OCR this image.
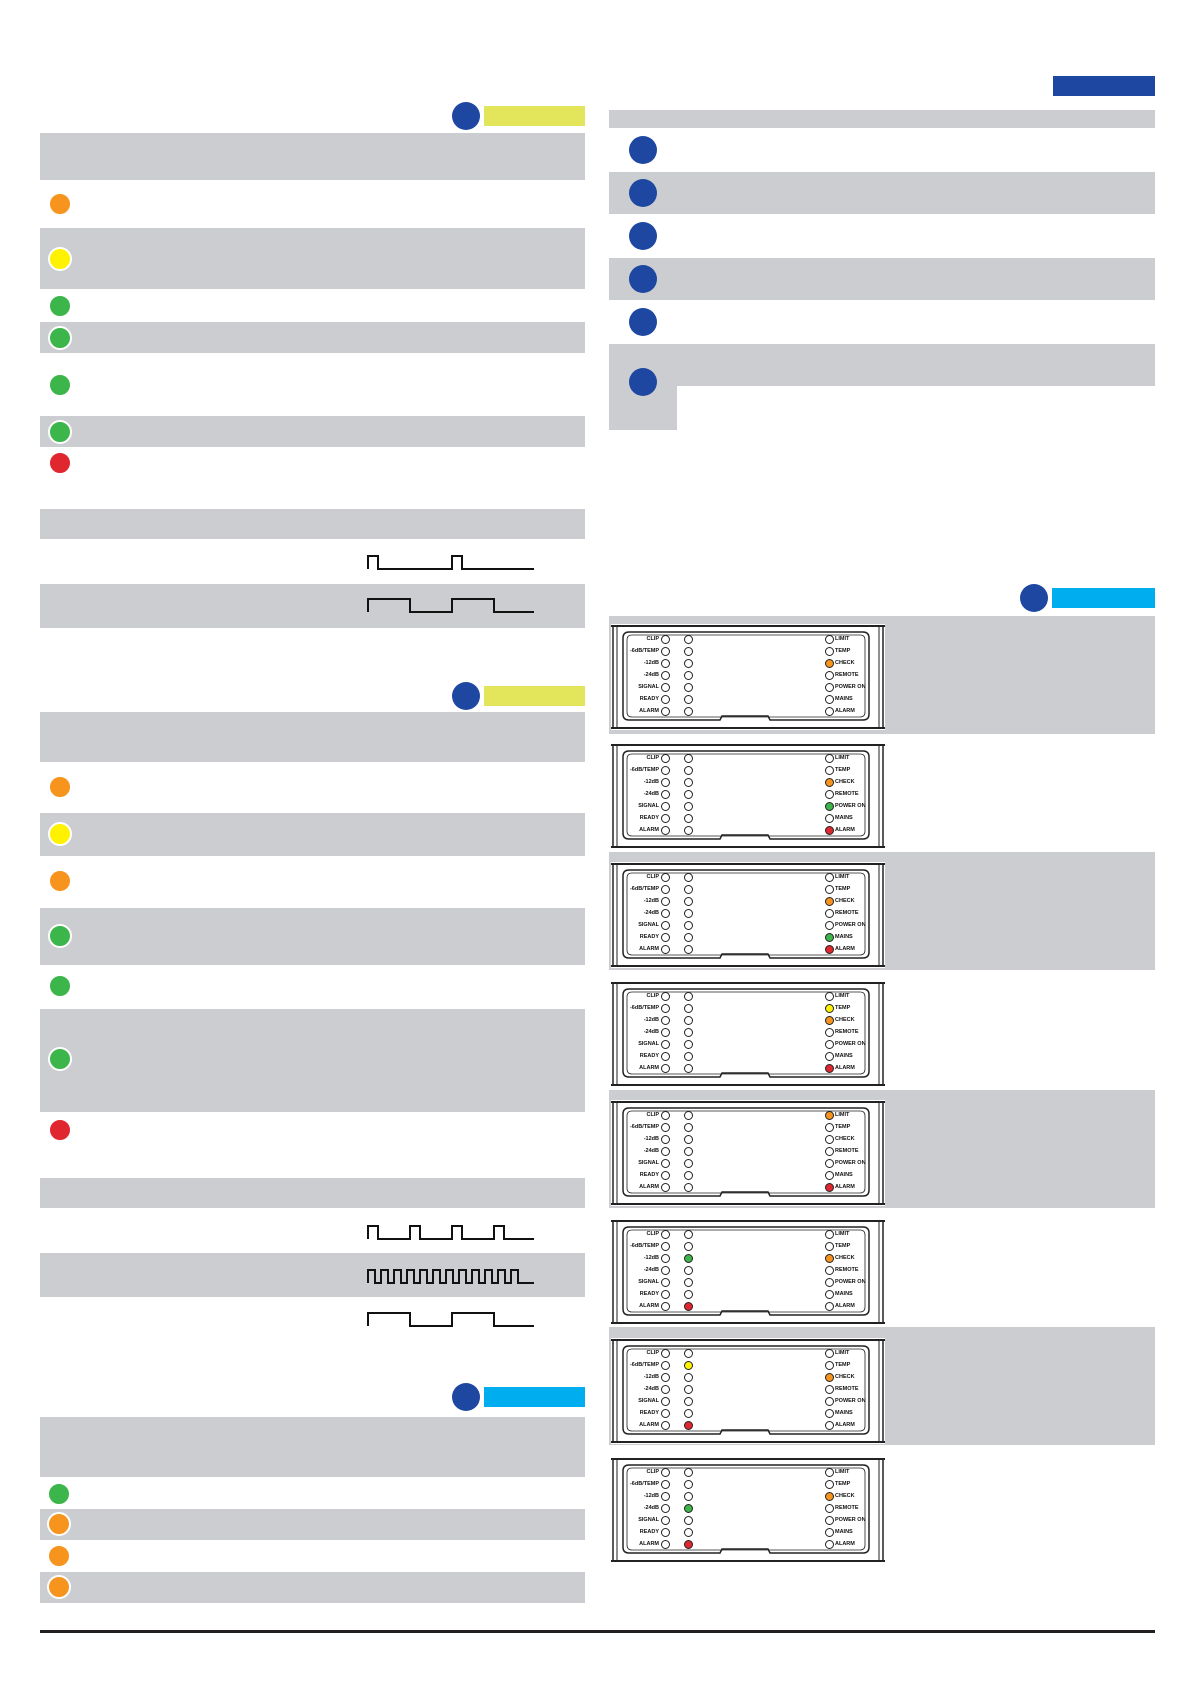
CLIP
-6dB/TEMP
-12dB
-24dB
SIGNAL
READY
ALARM
LIMIT
TEMP
CHECK
REMOTE
POWER ON
MAINS
ALARM
CLIP
-6dB/TEMP
-12dB
-24dB
SIGNAL
READY
ALARM
LIMIT
TEMP
CHECK
REMOTE
POWER ON
MAINS
ALARM
CLIP
-6dB/TEMP
-12dB
-24dB
SIGNAL
READY
ALARM
LIMIT
TEMP
CHECK
REMOTE
POWER ON
MAINS
ALARM
CLIP
-6dB/TEMP
-12dB
-24dB
SIGNAL
READY
ALARM
LIMIT
TEMP
CHECK
REMOTE
POWER ON
MAINS
ALARM
CLIP
-6dB/TEMP
-12dB
-24dB
SIGNAL
READY
ALARM
LIMIT
TEMP
CHECK
REMOTE
POWER ON
MAINS
ALARM
CLIP
-6dB/TEMP
-12dB
-24dB
SIGNAL
READY
ALARM
LIMIT
TEMP
CHECK
REMOTE
POWER ON
MAINS
ALARM
CLIP
-6dB/TEMP
-12dB
-24dB
SIGNAL
READY
ALARM
LIMIT
TEMP
CHECK
REMOTE
POWER ON
MAINS
ALARM
CLIP
-6dB/TEMP
-12dB
-24dB
SIGNAL
READY
ALARM
LIMIT
TEMP
CHECK
REMOTE
POWER ON
MAINS
ALARM
